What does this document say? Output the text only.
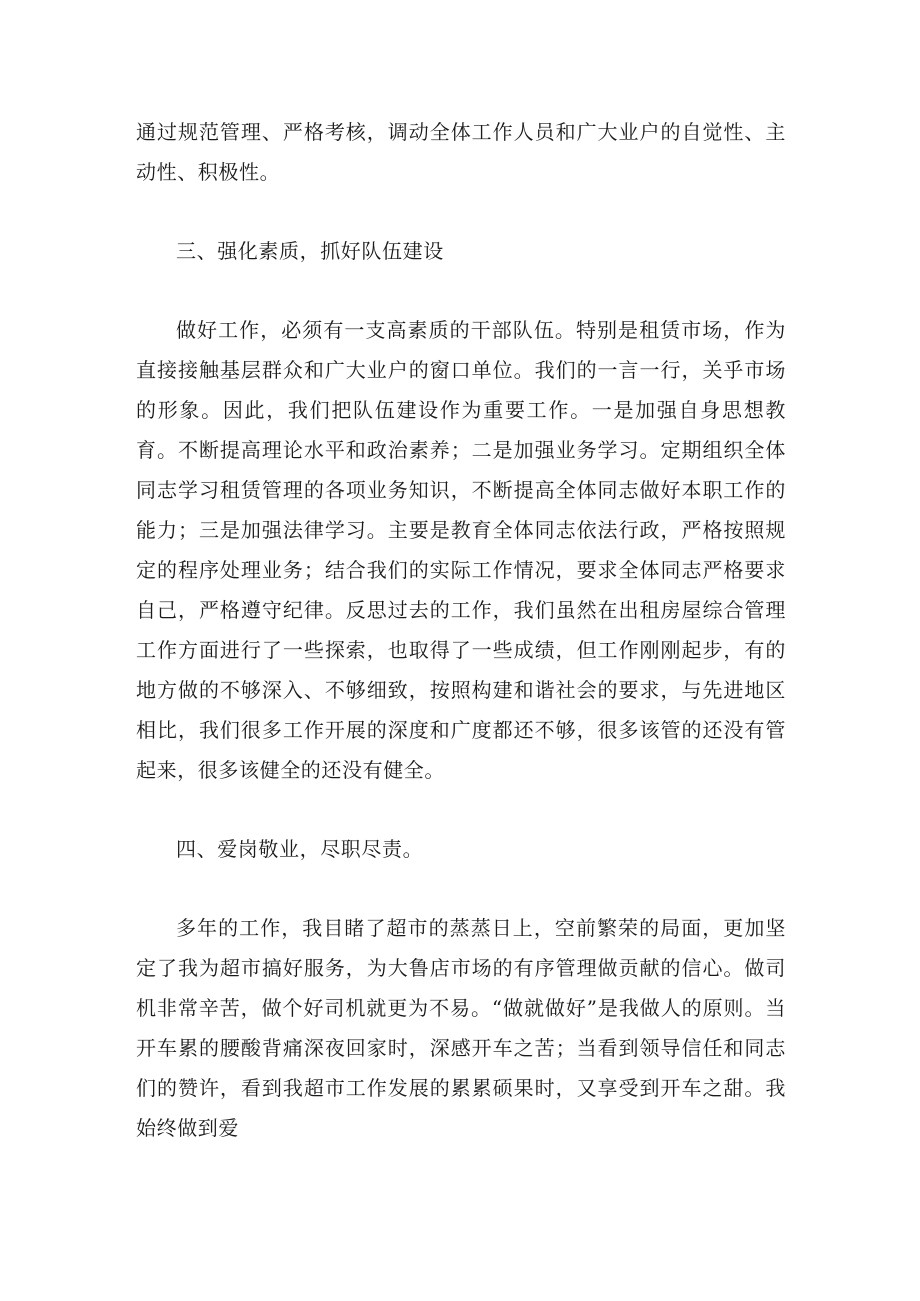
通过规范管理、严格考核，调动全体工作人员和广大业户的自觉性、主动性、积极性。

三、强化素质，抓好队伍建设

做好工作，必须有一支高素质的干部队伍。特别是租赁市场，作为直接接触基层群众和广大业户的窗口单位。我们的一言一行，关乎市场的形象。因此，我们把队伍建设作为重要工作。一是加强自身思想教育。不断提高理论水平和政治素养；二是加强业务学习。定期组织全体同志学习租赁管理的各项业务知识，不断提高全体同志做好本职工作的能力；三是加强法律学习。主要是教育全体同志依法行政，严格按照规定的程序处理业务；结合我们的实际工作情况，要求全体同志严格要求自己，严格遵守纪律。反思过去的工作，我们虽然在出租房屋综合管理工作方面进行了一些探索，也取得了一些成绩，但工作刚刚起步，有的地方做的不够深入、不够细致，按照构建和谐社会的要求，与先进地区相比，我们很多工作开展的深度和广度都还不够，很多该管的还没有管起来，很多该健全的还没有健全。

四、爱岗敬业，尽职尽责。

多年的工作，我目睹了超市的蒸蒸日上，空前繁荣的局面，更加坚定了我为超市搞好服务，为大鲁店市场的有序管理做贡献的信心。做司机非常辛苦，做个好司机就更为不易。“做就做好”是我做人的原则。当开车累的腰酸背痛深夜回家时，深感开车之苦；当看到领导信任和同志们的赞许，看到我超市工作发展的累累硕果时，又享受到开车之甜。我始终做到爱
